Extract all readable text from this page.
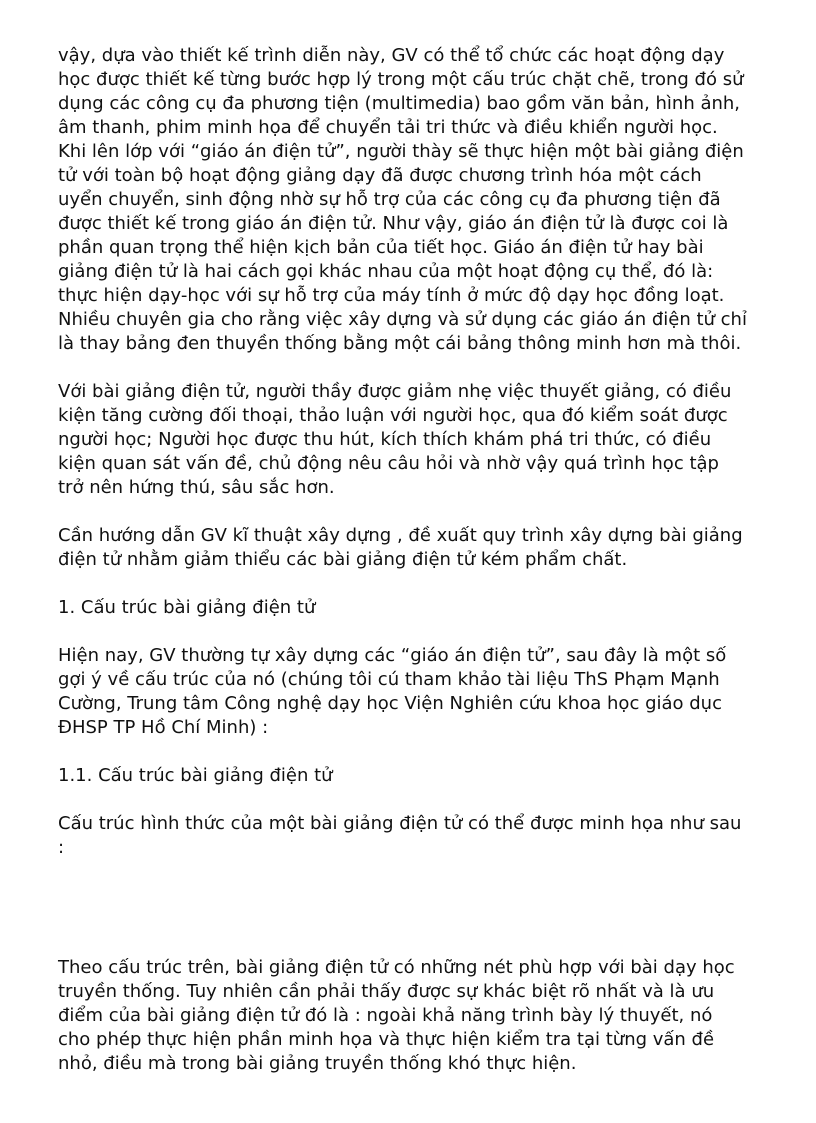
vậy, dựa vào thiết kế trình diễn này, GV có thể tổ chức các hoạt động dạy
học được thiết kế từng bước hợp lý trong một cấu trúc chặt chẽ, trong đó sử
dụng các công cụ đa phương tiện (multimedia) bao gồm văn bản, hình ảnh,
âm thanh, phim minh họa để chuyển tải tri thức và điều khiển người học.
Khi lên lớp với “giáo án điện tử”, người thày sẽ thực hiện một bài giảng điện
tử với toàn bộ hoạt động giảng dạy đã được chương trình hóa một cách
uyển chuyển, sinh động nhờ sự hỗ trợ của các công cụ đa phương tiện đã
được thiết kế trong giáo án điện tử. Như vậy, giáo án điện tử là được coi là
phần quan trọng thể hiện kịch bản của tiết học. Giáo án điện tử hay bài
giảng điện tử là hai cách gọi khác nhau của một hoạt động cụ thể, đó là:
thực hiện dạy-học với sự hỗ trợ của máy tính ở mức độ dạy học đồng loạt.
Nhiều chuyên gia cho rằng việc xây dựng và sử dụng các giáo án điện tử chỉ
là thay bảng đen thuyền thống bằng một cái bảng thông minh hơn mà thôi.

Với bài giảng điện tử, người thầy được giảm nhẹ việc thuyết giảng, có điều
kiện tăng cường đối thoại, thảo luận với người học, qua đó kiểm soát được
người học; Người học được thu hút, kích thích khám phá tri thức, có điều
kiện quan sát vấn đề, chủ động nêu câu hỏi và nhờ vậy quá trình học tập
trở nên hứng thú, sâu sắc hơn.

Cần hướng dẫn GV kĩ thuật xây dựng , đề xuất quy trình xây dựng bài giảng
điện tử nhằm giảm thiểu các bài giảng điện tử kém phẩm chất.

1. Cấu trúc bài giảng điện tử

Hiện nay, GV thường tự xây dựng các “giáo án điện tử”, sau đây là một số
gợi ý về cấu trúc của nó (chúng tôi cú tham khảo tài liệu ThS Phạm Mạnh
Cường, Trung tâm Công nghệ dạy học Viện Nghiên cứu khoa học giáo dục
ĐHSP TP Hồ Chí Minh) :

1.1. Cấu trúc bài giảng điện tử

Cấu trúc hình thức của một bài giảng điện tử có thể được minh họa như sau
:

Theo cấu trúc trên, bài giảng điện tử có những nét phù hợp với bài dạy học
truyền thống. Tuy nhiên cần phải thấy được sự khác biệt rõ nhất và là ưu
điểm của bài giảng điện tử đó là : ngoài khả năng trình bày lý thuyết, nó
cho phép thực hiện phần minh họa và thực hiện kiểm tra tại từng vấn đề
nhỏ, điều mà trong bài giảng truyền thống khó thực hiện.
